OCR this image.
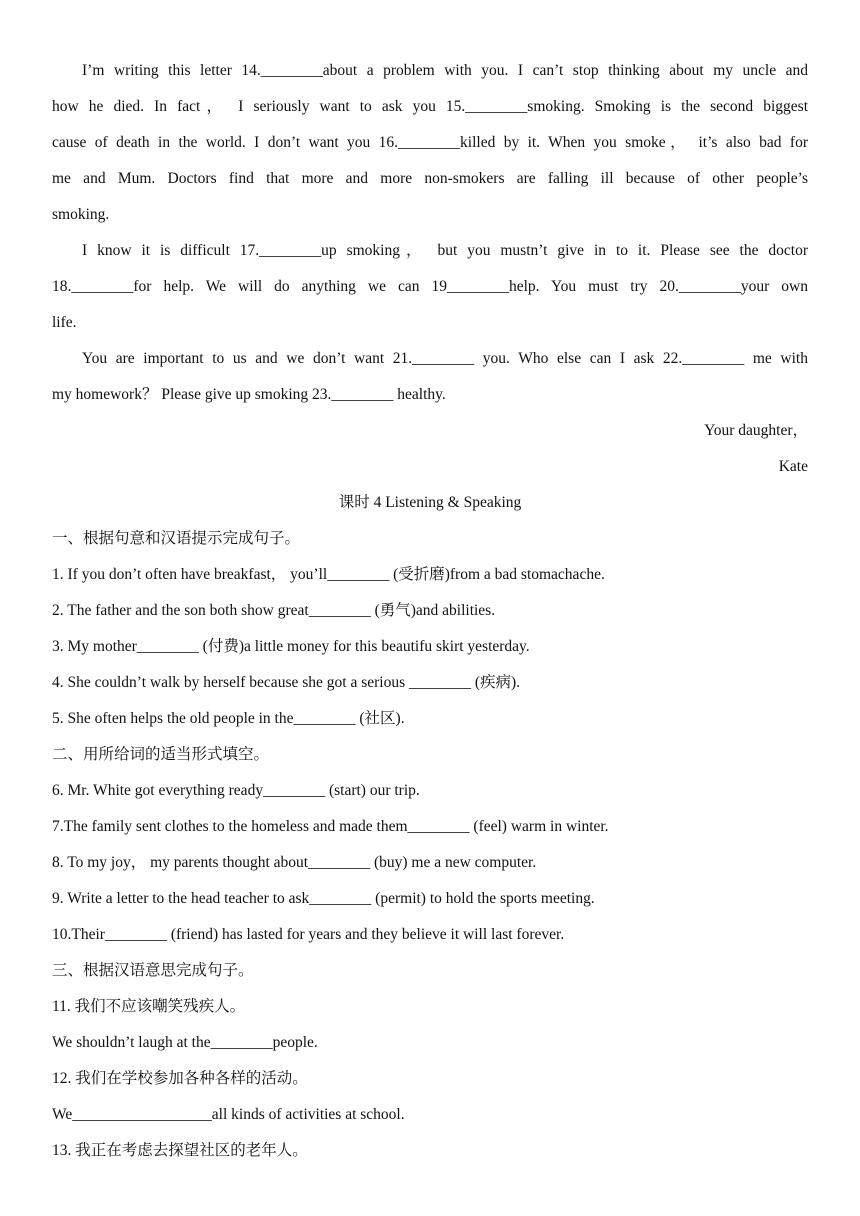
I’m writing this letter 14.________about a problem with you. I can’t stop thinking about my uncle and
how he died. In fact， I seriously want to ask you 15.________smoking. Smoking is the second biggest
cause of death in the world. I don’t want you 16.________killed by it. When you smoke， it’s also bad for
me and Mum. Doctors find that more and more non-smokers are falling ill because of other people’s
smoking.
I know it is difficult 17.________up smoking， but you mustn’t give in to it. Please see the doctor
18.________for help. We will do anything we can 19________help. You must try 20.________your own
life.
You are important to us and we don’t want 21.________ you. Who else can I ask 22.________ me with
my homework？ Please give up smoking 23.________ healthy.
Your daughter，
Kate
课时 4 Listening & Speaking
一、根据句意和汉语提示完成句子。
1. If you don’t often have breakfast， you’ll________ (受折磨)from a bad stomachache.
2. The father and the son both show great________ (勇气)and abilities.
3. My mother________ (付费)a little money for this beautifu skirt yesterday.
4. She couldn’t walk by herself because she got a serious ________ (疾病).
5. She often helps the old people in the________ (社区).
二、用所给词的适当形式填空。
6. Mr. White got everything ready________ (start) our trip.
7.The family sent clothes to the homeless and made them________ (feel) warm in winter.
8. To my joy， my parents thought about________ (buy) me a new computer.
9. Write a letter to the head teacher to ask________ (permit) to hold the sports meeting.
10.Their________ (friend) has lasted for years and they believe it will last forever.
三、根据汉语意思完成句子。
11. 我们不应该嘲笑残疾人。
We shouldn’t laugh at the________people.
12. 我们在学校参加各种各样的活动。
We__________________all kinds of activities at school.
13. 我正在考虑去探望社区的老年人。
